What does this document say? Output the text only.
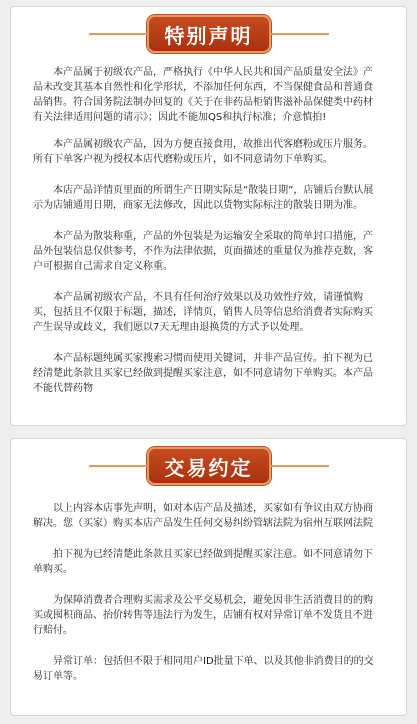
特别声明

本产品属于初级农产品，严格执行《中华人民共和国产品质量安全法》产品未改变其基本自然性和化学形状，不添加任何东西，不当保健食品和普通食品销售。符合国务院法制办回复的《关于在非药品柜销售滋补品保健类中药材有关法律适用问题的请示》；因此不能加QS和执行标准；介意慎拍!

本产品属初级农产品，因为方便直接食用，故推出代客磨粉或压片服务。所有下单客户视为授权本店代磨粉或压片，如不同意请勿下单购买。

本店产品详情页里面的所谓生产日期实际是“散装日期”，店铺后台默认展示为店铺通用日期，商家无法修改，因此以货物实际标注的散装日期为准。

本产品为散装称重，产品的外包装是为运输安全采取的简单封口措施，产品外包装信息仅供参考，不作为法律依据，页面描述的重量仅为推荐克数，客户可根据自己需求自定义称重。

本产品属初级农产品，不具有任何治疗效果以及功效性疗效，请谨慎购买，包括且不仅限于标题，描述，详情页，销售人员等信息给消费者实际购买产生误导或歧义，我们愿以7天无理由退换货的方式予以处理。

本产品标题纯属买家搜索习惯而使用关键词，并非产品宣传。拍下视为已经清楚此条款且买家已经做到提醒买家注意，如不同意请勿下单购买。本产品不能代替药物

交易约定

以上内容本店事先声明，如对本店产品及描述，买家如有争议由双方协商解决。您（买家）购买本店产品发生任何交易纠纷管辖法院为宿州互联网法院

拍下视为已经清楚此条款且买家已经做到提醒买家注意。如不同意请勿下单购买。

为保障消费者合理购买需求及公平交易机会，避免因非生活消费目的的购买或囤积商品、抬价转售等违法行为发生，店铺有权对异常订单不发货且不进行赔付。

异常订单：包括但不限于相同用户ID批量下单、以及其他非消费目的的交易订单等。
